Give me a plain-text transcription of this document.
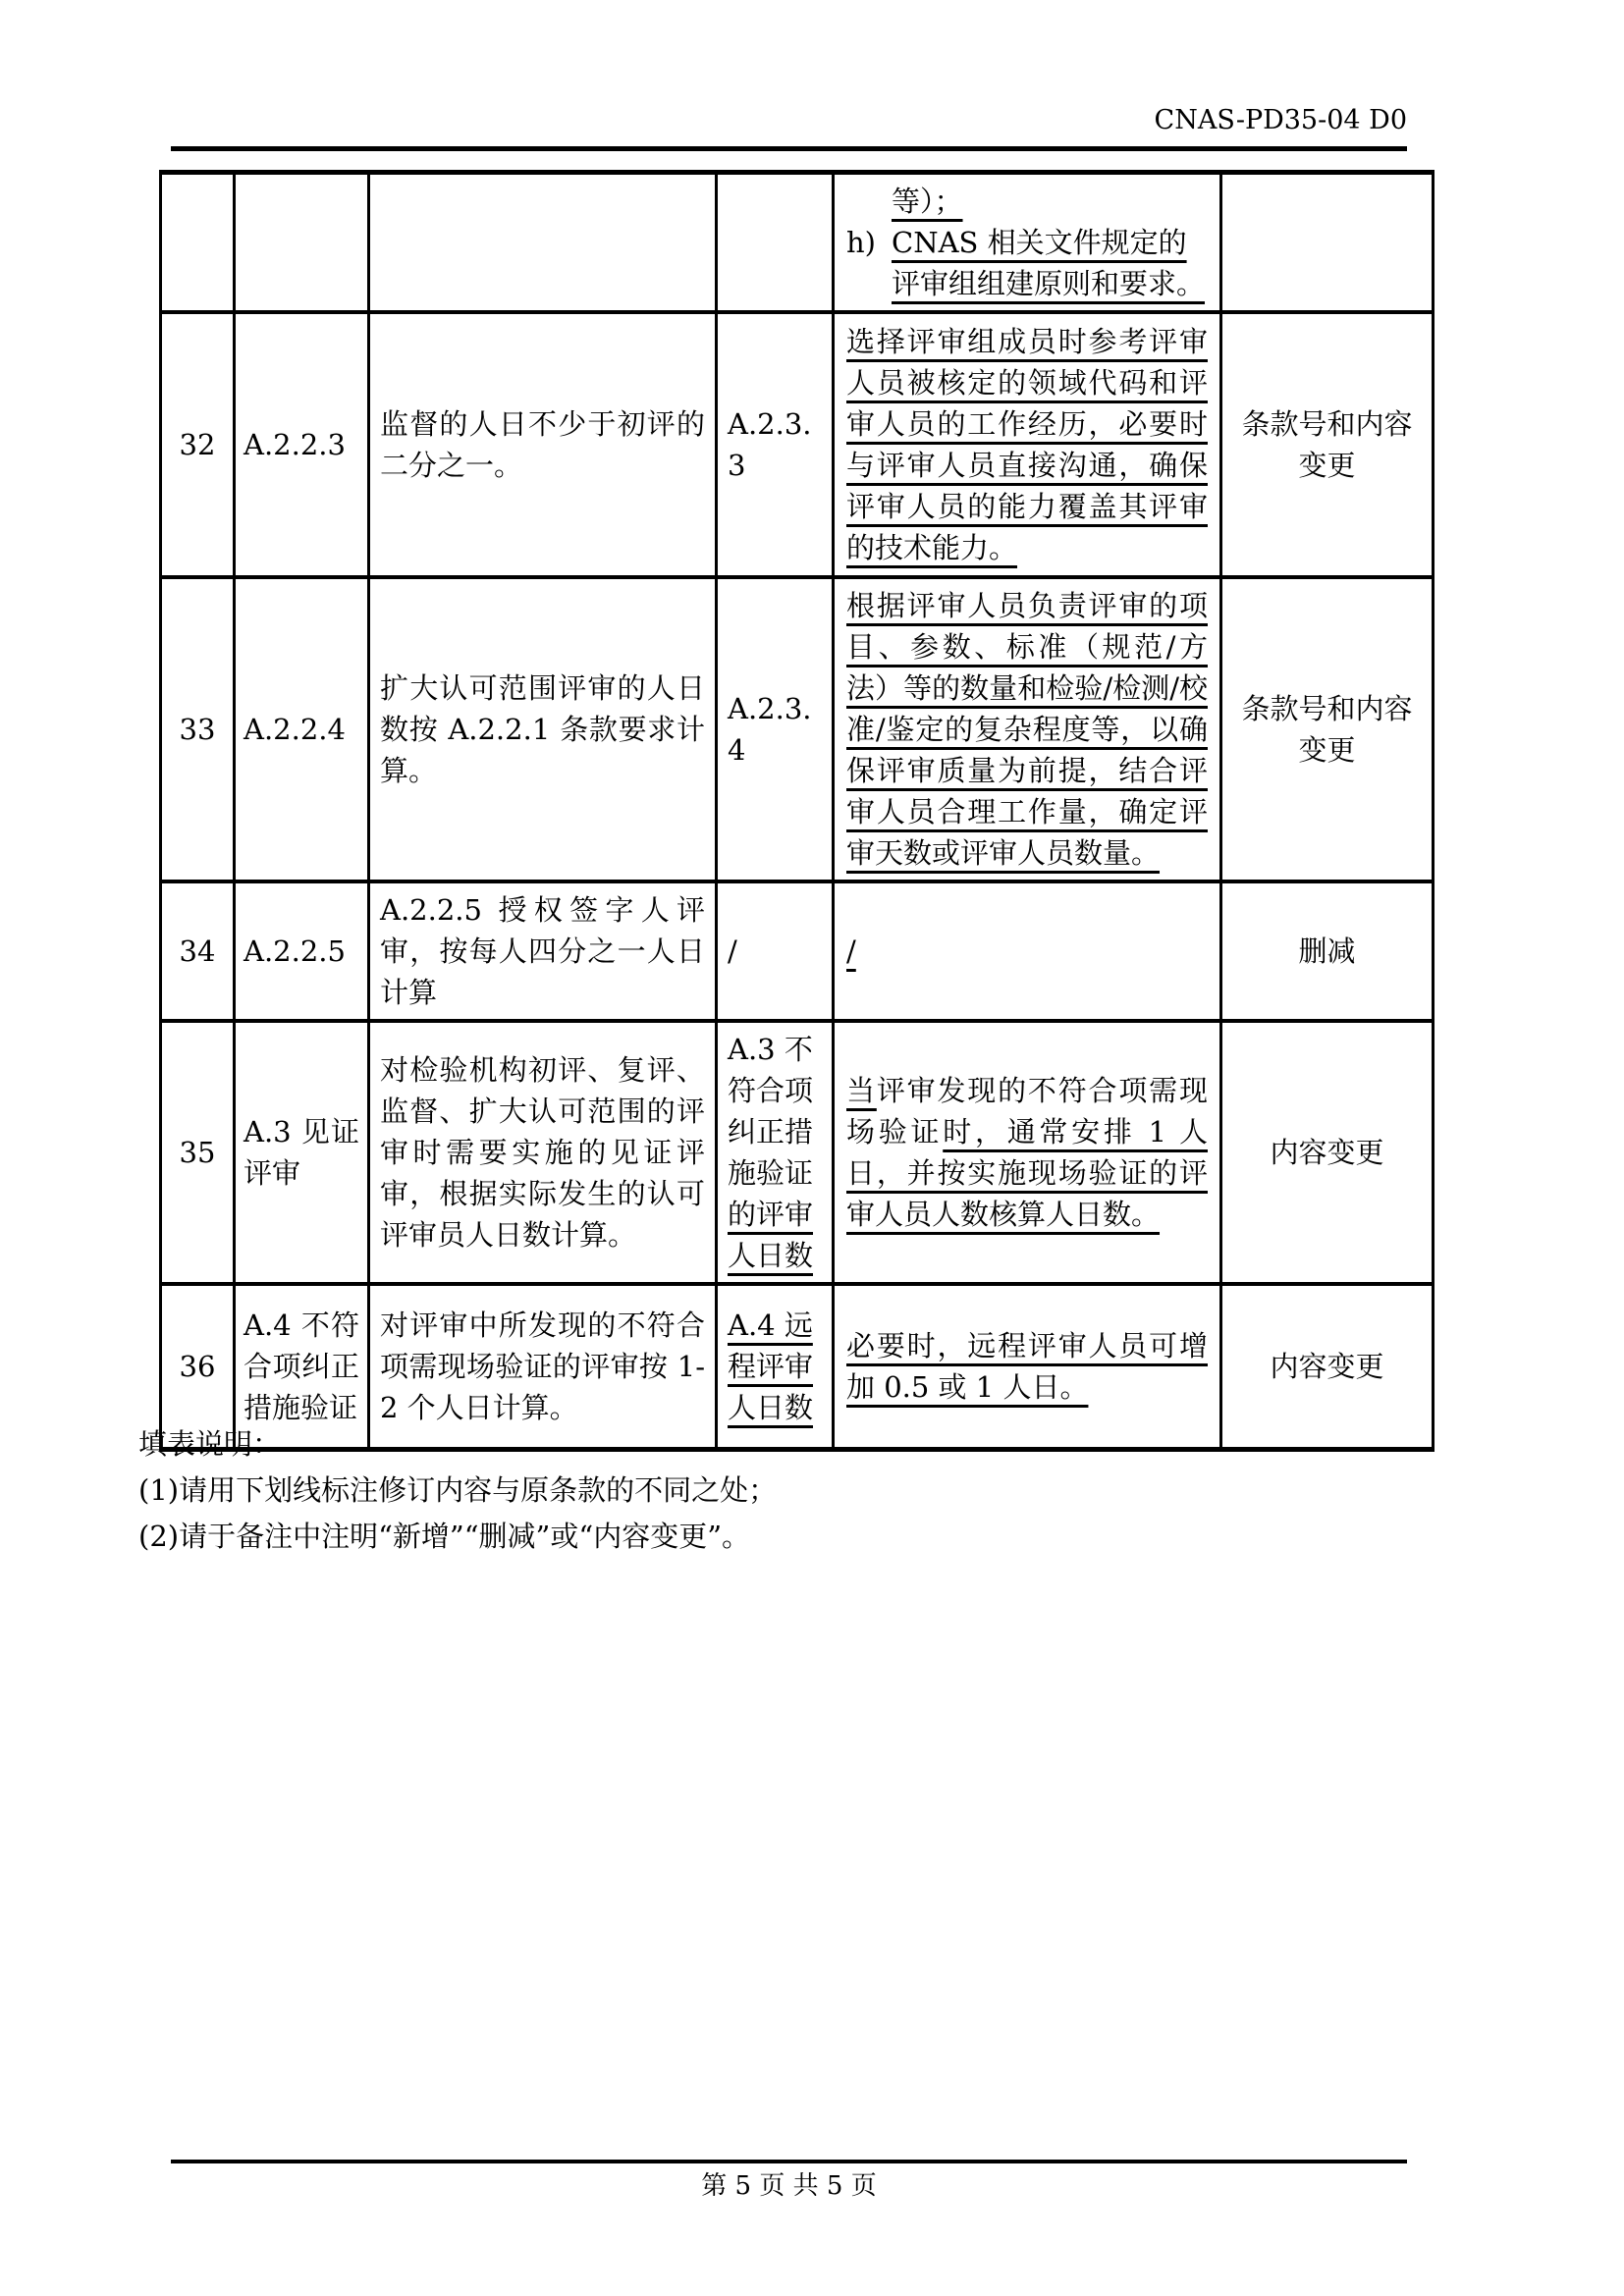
CNAS-PD35-04 D0

				等）；
h) CNAS 相关文件规定的评审组组建原则和要求。	

32	A.2.2.3	监督的人日不少于初评的二分之一。	A.2.3.3	选择评审组成员时参考评审人员被核定的领域代码和评审人员的工作经历，必要时与评审人员直接沟通，确保评审人员的能力覆盖其评审的技术能力。	条款号和内容变更
33	A.2.2.4	扩大认可范围评审的人日数按 A.2.2.1 条款要求计算。	A.2.3.4	根据评审人员负责评审的项目、参数、标准（规范/方法）等的数量和检验/检测/校准/鉴定的复杂程度等，以确保评审质量为前提，结合评审人员合理工作量，确定评审天数或评审人员数量。	条款号和内容变更
34	A.2.2.5	A.2.2.5 授权签字人评审，按每人四分之一人日计算	/	/	删减
35	A.3 见证评审	对检验机构初评、复评、监督、扩大认可范围的评审时需要实施的见证评审，根据实际发生的认可评审员人日数计算。	A.3 不符合项纠正措施验证的评审人日数	当评审发现的不符合项需现场验证时，通常安排 1 人日，并按实施现场验证的评审人员人数核算人日数。	内容变更
36	A.4 不符合项纠正措施验证	对评审中所发现的不符合项需现场验证的评审按 1-2 个人日计算。	A.4 远程评审人日数	必要时，远程评审人员可增加 0.5 或 1 人日。	内容变更
填表说明：
(1)请用下划线标注修订内容与原条款的不同之处；
(2)请于备注中注明“新增”“删减”或“内容变更”。
第 5 页 共 5 页
